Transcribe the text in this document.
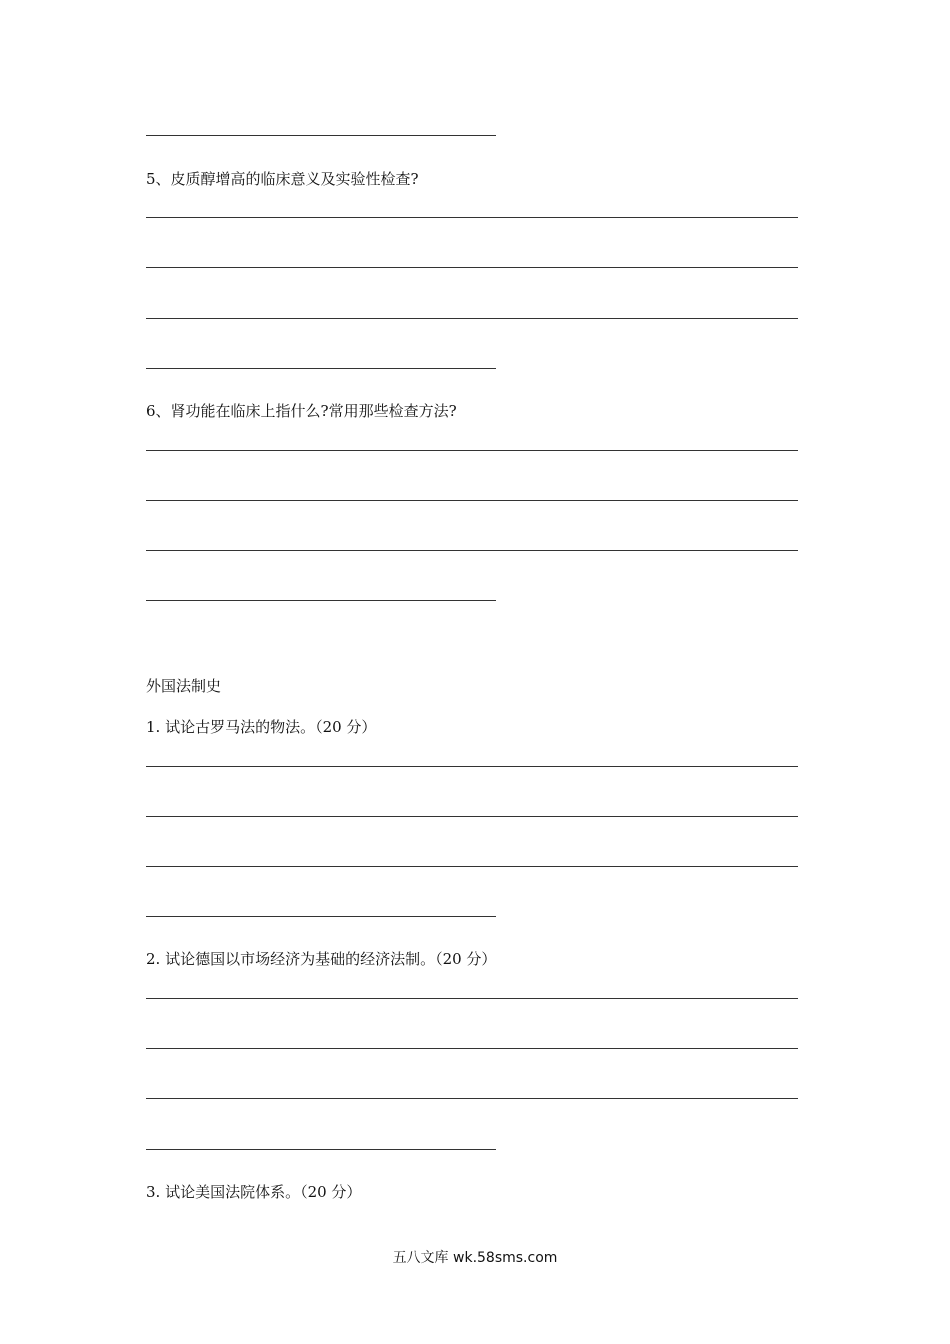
5、皮质醇增高的临床意义及实验性检查?
6、肾功能在临床上指什么?常用那些检查方法?
外国法制史
1. 试论古罗马法的物法。（20 分）
2. 试论德国以市场经济为基础的经济法制。（20 分）
3. 试论美国法院体系。（20 分）
五八文库 wk.58sms.com
